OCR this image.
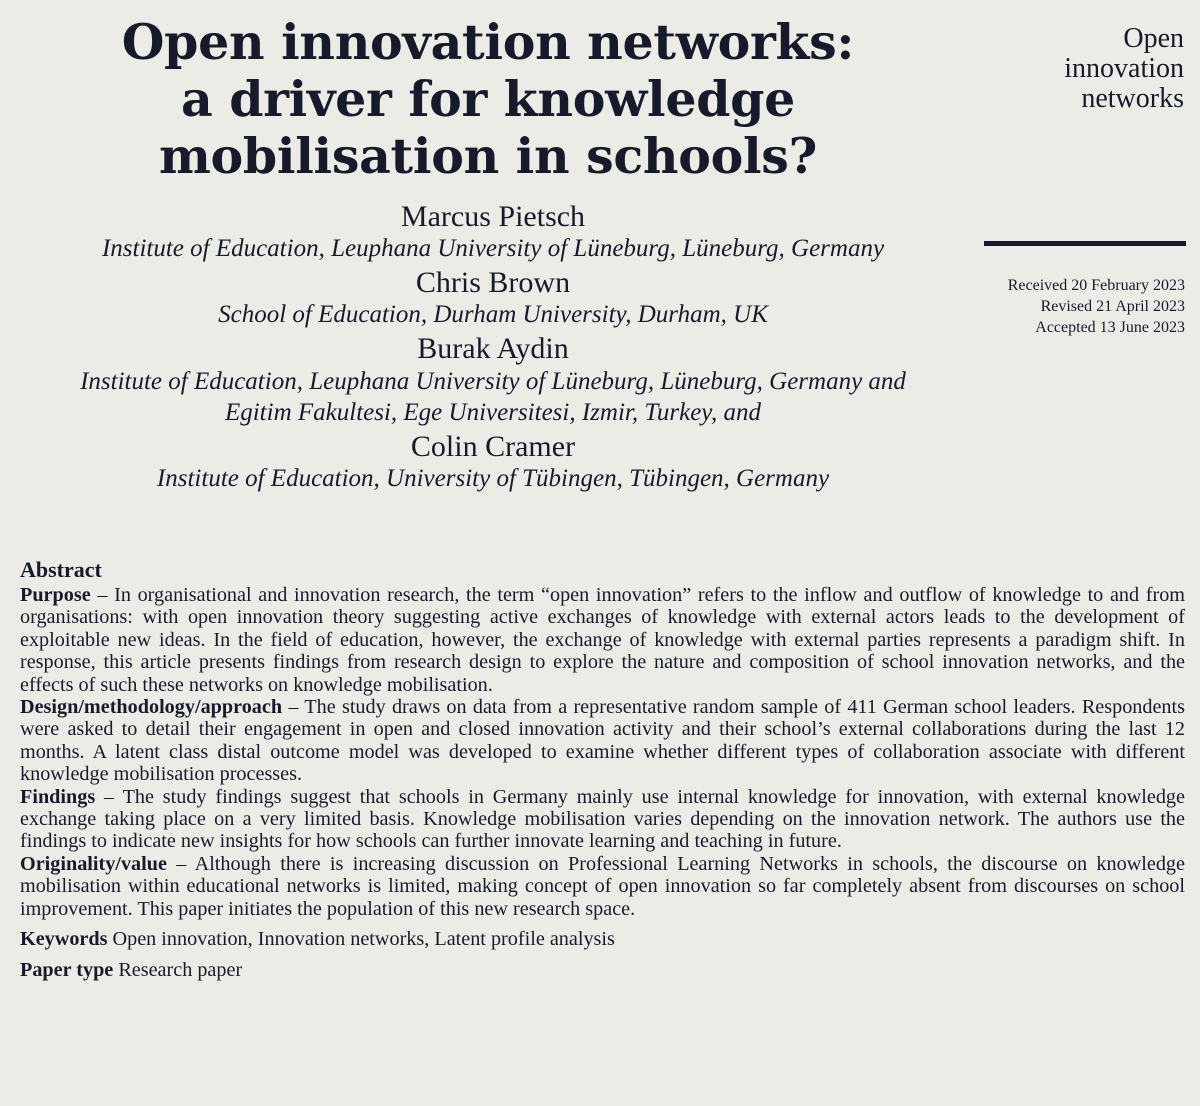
Open innovation networks:
a driver for knowledge
mobilisation in schools?

Marcus Pietsch

Institute of Education, Leuphana University of Lüneburg, Lüneburg, Germany

Chris Brown

School of Education, Durham University, Durham, UK

Burak Aydin

Institute of Education, Leuphana University of Lüneburg, Lüneburg, Germany and

Egitim Fakultesi, Ege Universitesi, Izmir, Turkey, and

Colin Cramer

Institute of Education, University of Tübingen, Tübingen, Germany

Open
innovation
networks
Received 20 February 2023
Revised 21 April 2023
Accepted 13 June 2023
Abstract

Purpose – In organisational and innovation research, the term “open innovation” refers to the inflow and outflow of knowledge to and from organisations: with open innovation theory suggesting active exchanges of knowledge with external actors leads to the development of exploitable new ideas. In the field of education, however, the exchange of knowledge with external parties represents a paradigm shift. In response, this article presents findings from research design to explore the nature and composition of school innovation networks, and the effects of such these networks on knowledge mobilisation.

Design/methodology/approach – The study draws on data from a representative random sample of 411 German school leaders. Respondents were asked to detail their engagement in open and closed innovation activity and their school’s external collaborations during the last 12 months. A latent class distal outcome model was developed to examine whether different types of collaboration associate with different knowledge mobilisation processes.

Findings – The study findings suggest that schools in Germany mainly use internal knowledge for innovation, with external knowledge exchange taking place on a very limited basis. Knowledge mobilisation varies depending on the innovation network. The authors use the findings to indicate new insights for how schools can further innovate learning and teaching in future.

Originality/value – Although there is increasing discussion on Professional Learning Networks in schools, the discourse on knowledge mobilisation within educational networks is limited, making concept of open innovation so far completely absent from discourses on school improvement. This paper initiates the population of this new research space.

Keywords Open innovation, Innovation networks, Latent profile analysis

Paper type Research paper
